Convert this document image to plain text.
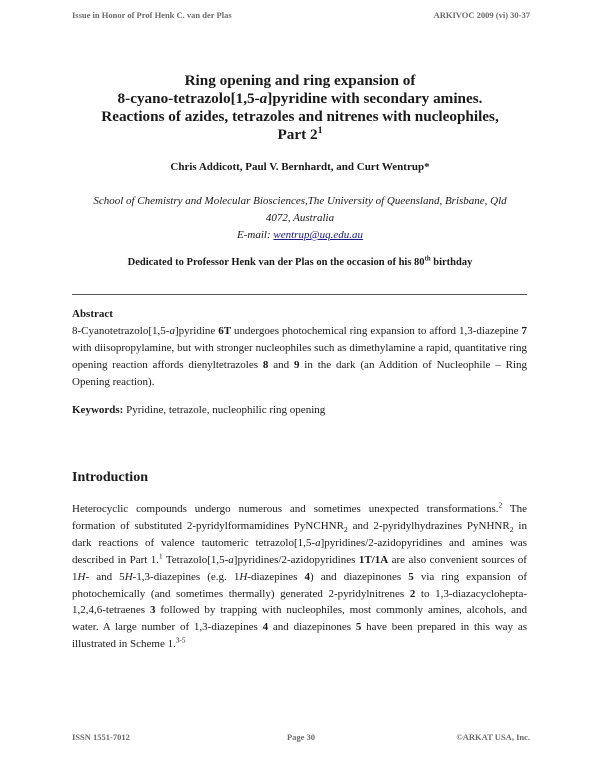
Issue in Honor of Prof Henk C. van der Plas	ARKIVOC 2009 (vi) 30-37
Ring opening and ring expansion of
8-cyano-tetrazolo[1,5-a]pyridine with secondary amines.
Reactions of azides, tetrazoles and nitrenes with nucleophiles,
Part $2^1$
Chris Addicott, Paul V. Bernhardt, and Curt Wentrup*
School of Chemistry and Molecular Biosciences,The University of Queensland, Brisbane, Qld
4072, Australia
E-mail: wentrup@uq.edu.au
Dedicated to Professor Henk van der Plas on the occasion of his 80th birthday
Abstract
8-Cyanotetrazolo[1,5-a]pyridine 6T undergoes photochemical ring expansion to afford 1,3-diazepine 7 with diisopropylamine, but with stronger nucleophiles such as dimethylamine a rapid, quantitative ring opening reaction affords dienyltetrazoles 8 and 9 in the dark (an Addition of Nucleophile – Ring Opening reaction).
Keywords: Pyridine, tetrazole, nucleophilic ring opening
Introduction
Heterocyclic compounds undergo numerous and sometimes unexpected transformations.$^2$ The formation of substituted 2-pyridylformamidines PyNCHNR$_2$ and 2-pyridylhydrazines PyNHNR$_2$ in dark reactions of valence tautomeric tetrazolo[1,5-a]pyridines/2-azidopyridines and amines was described in Part 1.$^1$ Tetrazolo[1,5-a]pyridines/2-azidopyridines 1T/1A are also convenient sources of 1H- and 5H-1,3-diazepines (e.g. 1H-diazepines 4) and diazepinones 5 via ring expansion of photochemically (and sometimes thermally) generated 2-pyridylnitrenes 2 to 1,3-diazacyclohepta-1,2,4,6-tetraenes 3 followed by trapping with nucleophiles, most commonly amines, alcohols, and water. A large number of 1,3-diazepines 4 and diazepinones 5 have been prepared in this way as illustrated in Scheme 1.$^{3-5}$
ISSN 1551-7012	Page 30	©ARKAT USA, Inc.
